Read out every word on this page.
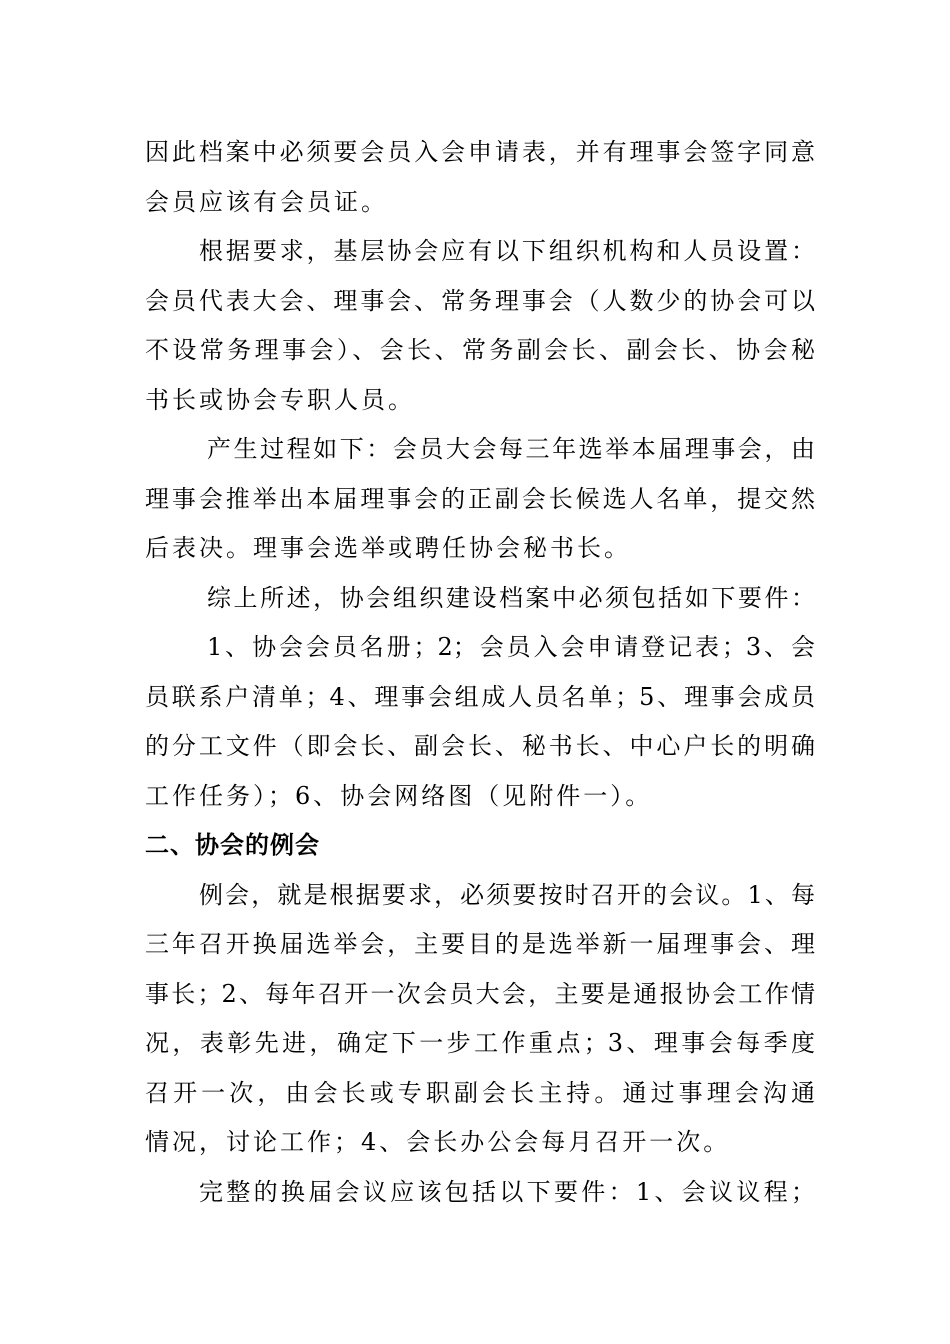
因此档案中必须要会员入会申请表，并有理事会签字同意
会员应该有会员证。
根据要求，基层协会应有以下组织机构和人员设置：
会员代表大会、理事会、常务理事会（人数少的协会可以
不设常务理事会）、会长、常务副会长、副会长、协会秘
书长或协会专职人员。
产生过程如下：会员大会每三年选举本届理事会，由
理事会推举出本届理事会的正副会长候选人名单，提交然
后表决。理事会选举或聘任协会秘书长。
综上所述，协会组织建设档案中必须包括如下要件：
1、协会会员名册；2；会员入会申请登记表；3、会
员联系户清单；4、理事会组成人员名单；5、理事会成员
的分工文件（即会长、副会长、秘书长、中心户长的明确
工作任务）；6、协会网络图（见附件一）。
二、协会的例会
例会，就是根据要求，必须要按时召开的会议。1、每
三年召开换届选举会，主要目的是选举新一届理事会、理
事长；2、每年召开一次会员大会，主要是通报协会工作情
况，表彰先进，确定下一步工作重点；3、理事会每季度
召开一次，由会长或专职副会长主持。通过事理会沟通
情况，讨论工作；4、会长办公会每月召开一次。
完整的换届会议应该包括以下要件：1、会议议程；
